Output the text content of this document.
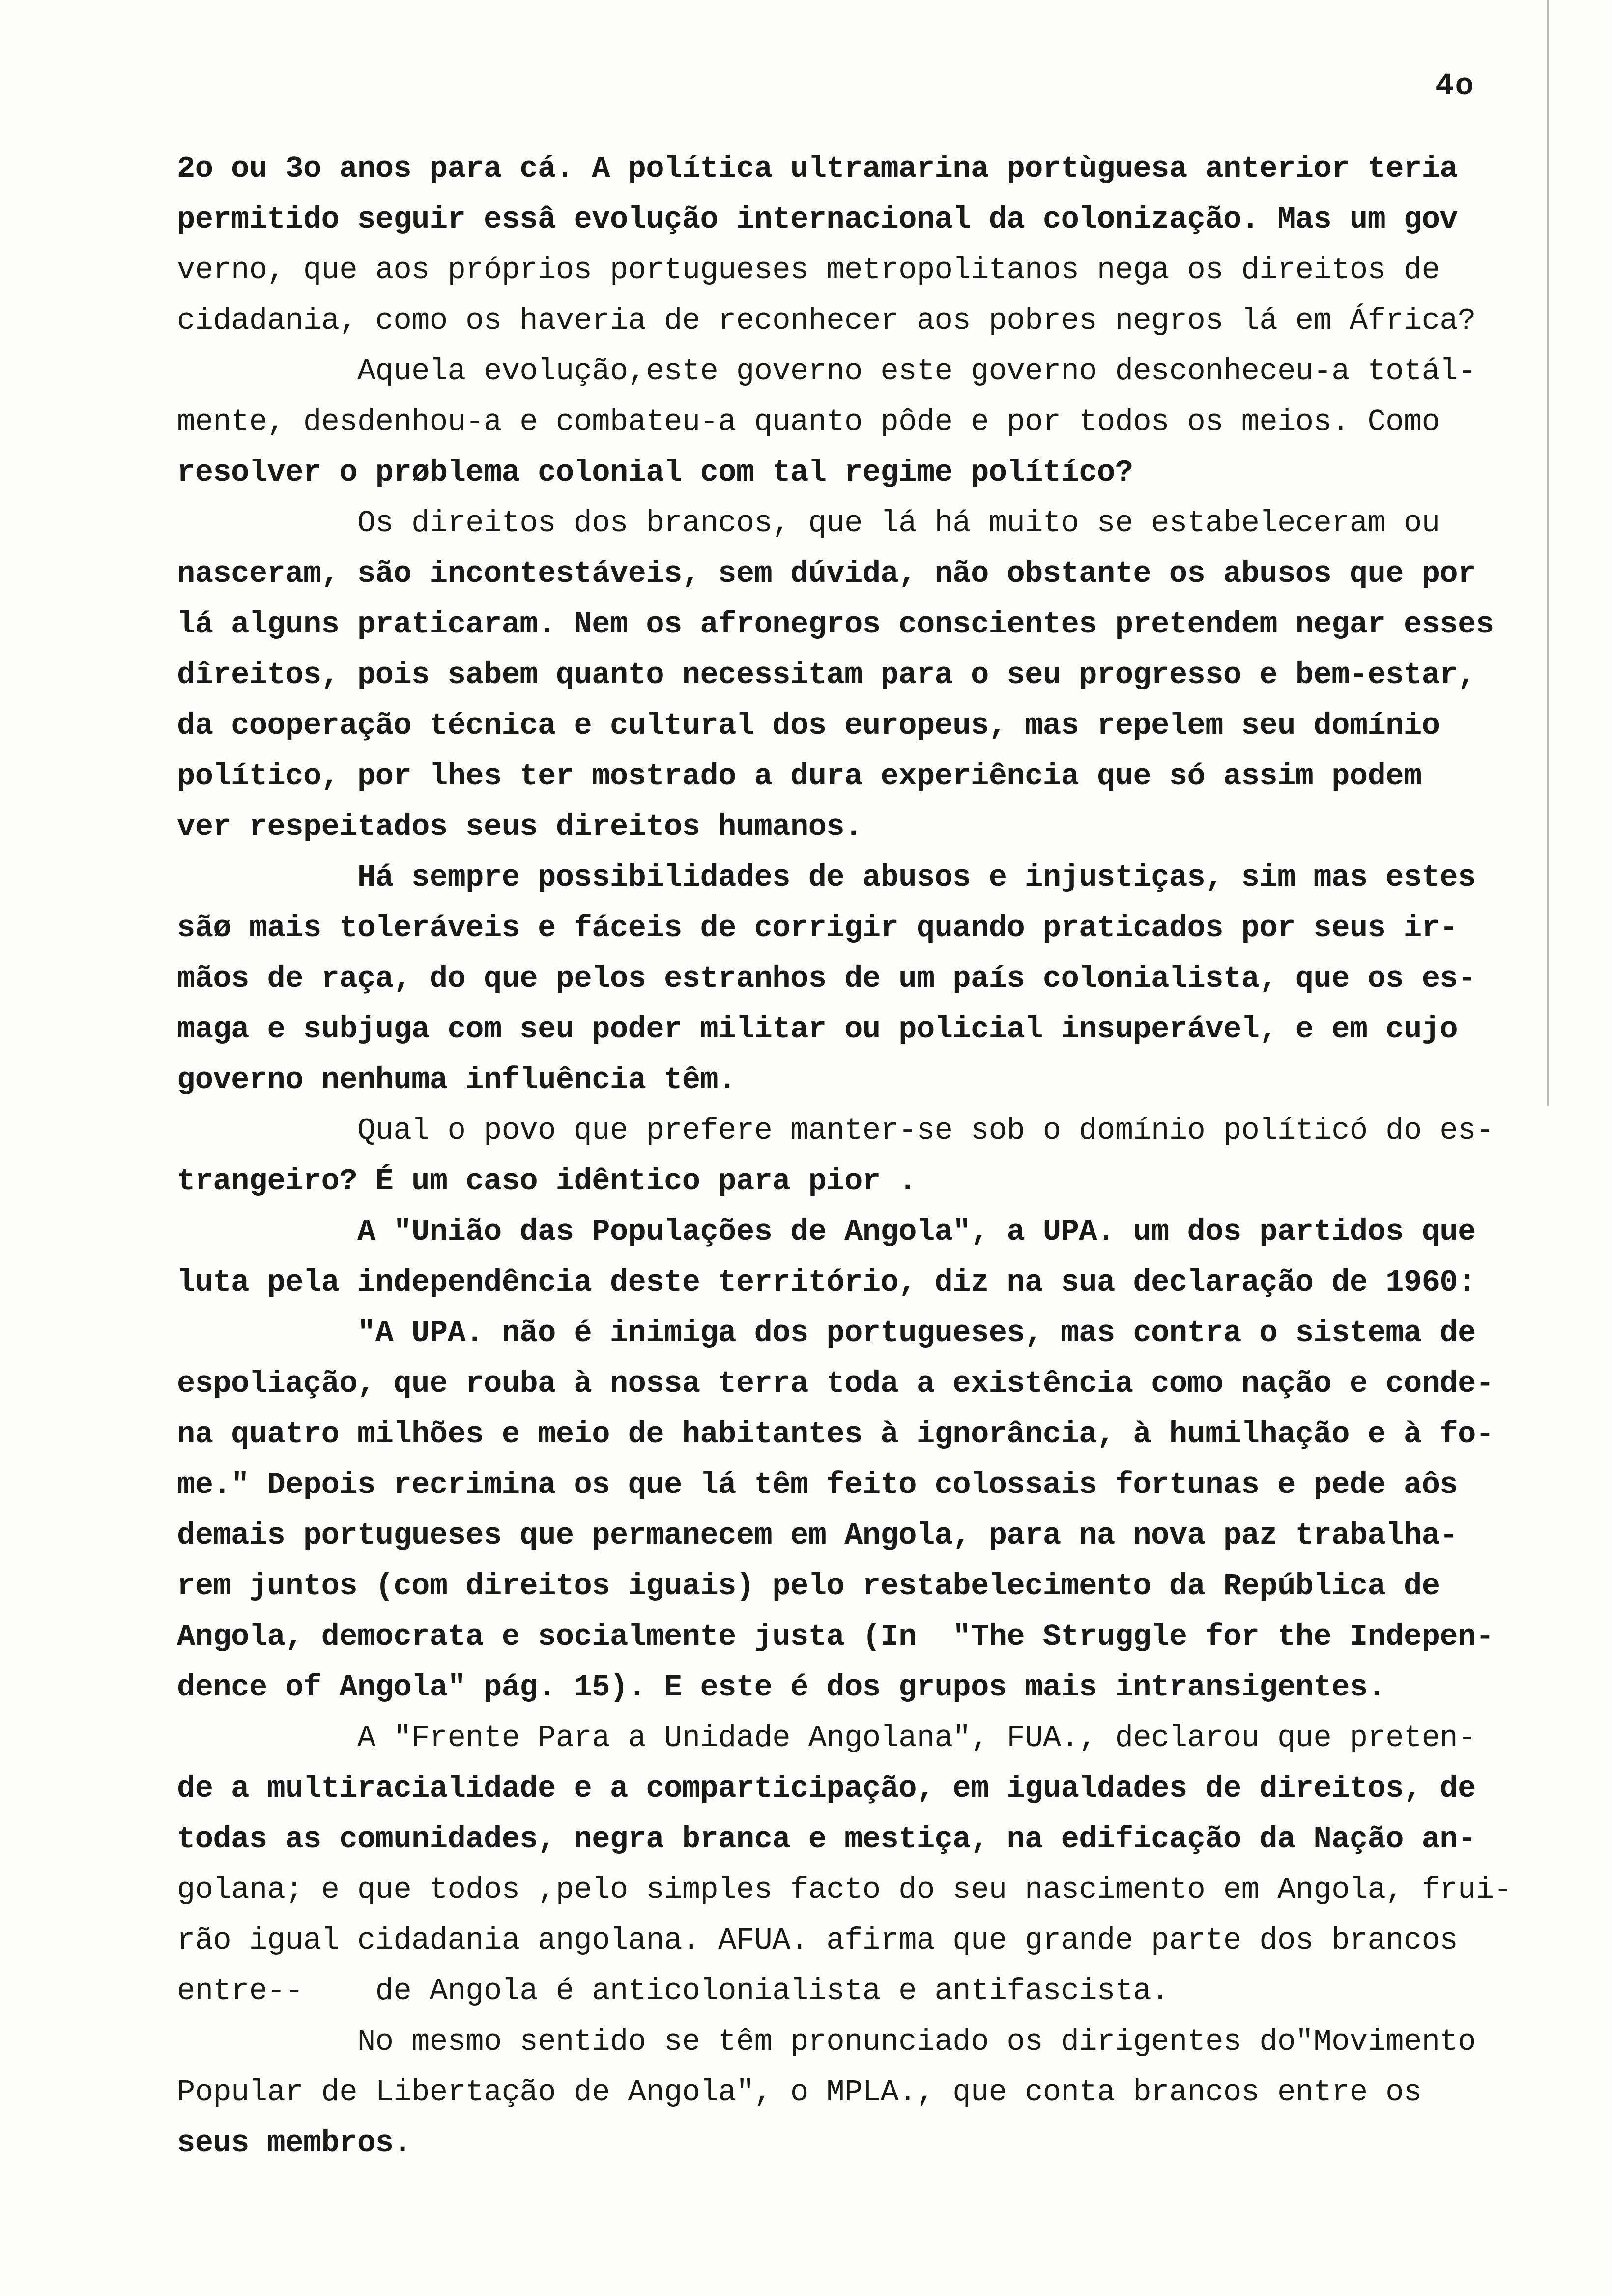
4o
2o ou 3o anos para cá. A política ultramarina portùguesa anterior teria
permitido seguir essâ evolução internacional da colonização. Mas um gov
verno, que aos próprios portugueses metropolitanos nega os direitos de
cidadania, como os haveria de reconhecer aos pobres negros lá em África?
Aquela evolução,este governo este governo desconheceu-a totál-
mente, desdenhou-a e combateu-a quanto pôde e por todos os meios. Como
resolver o prøblema colonial com tal regime polítíco?
Os direitos dos brancos, que lá há muito se estabeleceram ou
nasceram, são incontestáveis, sem dúvida, não obstante os abusos que por
lá alguns praticaram. Nem os afronegros conscientes pretendem negar esses
dîreitos, pois sabem quanto necessitam para o seu progresso e bem-estar,
da cooperação técnica e cultural dos europeus, mas repelem seu domínio
político, por lhes ter mostrado a dura experiência que só assim podem
ver respeitados seus direitos humanos.
Há sempre possibilidades de abusos e injustiças, sim mas estes
sãø mais toleráveis e fáceis de corrigir quando praticados por seus ir-
mãos de raça, do que pelos estranhos de um país colonialista, que os es-
maga e subjuga com seu poder militar ou policial insuperável, e em cujo
governo nenhuma influência têm.
Qual o povo que prefere manter-se sob o domínio políticó do es-
trangeiro? É um caso idêntico para pior .
A "União das Populações de Angola", a UPA. um dos partidos que
luta pela independência deste território, diz na sua declaração de 1960:
"A UPA. não é inimiga dos portugueses, mas contra o sistema de
espoliação, que rouba à nossa terra toda a existência como nação e conde-
na quatro milhões e meio de habitantes à ignorância, à humilhação e à fo-
me." Depois recrimina os que lá têm feito colossais fortunas e pede aôs
demais portugueses que permanecem em Angola, para na nova paz trabalha-
rem juntos (com direitos iguais) pelo restabelecimento da República de
Angola, democrata e socialmente justa (In  "The Struggle for the Indepen-
dence of Angola" pág. 15). E este é dos grupos mais intransigentes.
A "Frente Para a Unidade Angolana", FUA., declarou que preten-
de a multiracialidade e a comparticipação, em igualdades de direitos, de
todas as comunidades, negra branca e mestiça, na edificação da Nação an-
golana; e que todos ,pelo simples facto do seu nascimento em Angola, frui-
rão igual cidadania angolana. AFUA. afirma que grande parte dos brancos
entre--    de Angola é anticolonialista e antifascista.
No mesmo sentido se têm pronunciado os dirigentes do"Movimento
Popular de Libertação de Angola", o MPLA., que conta brancos entre os
seus membros.
